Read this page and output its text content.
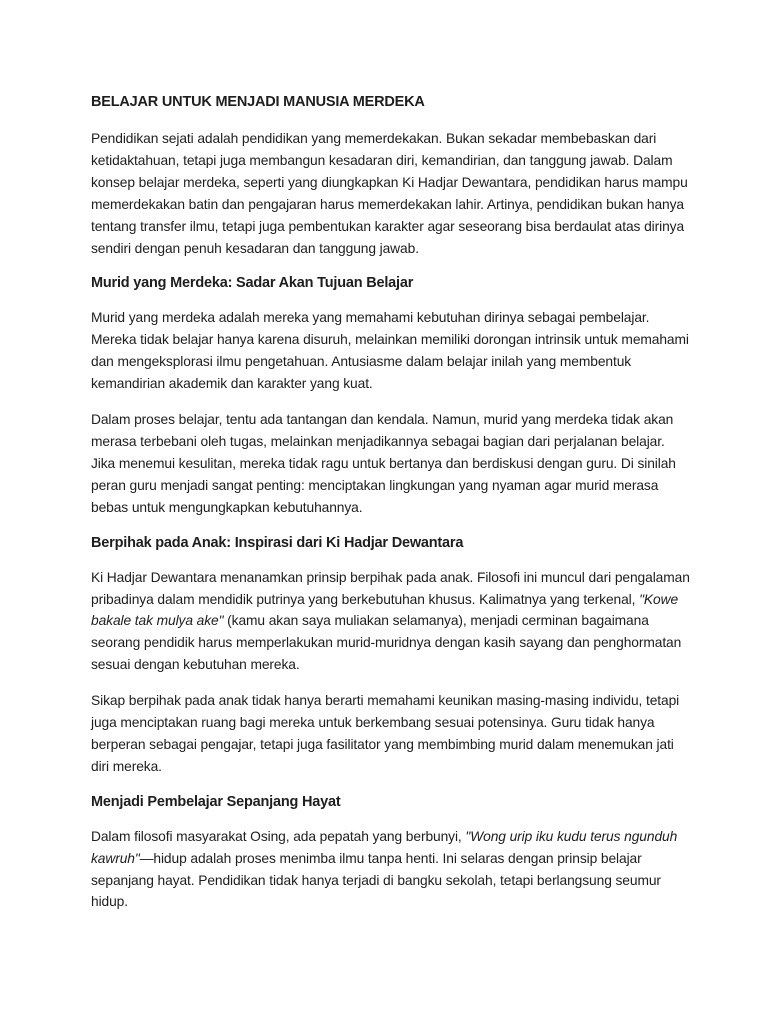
BELAJAR UNTUK MENJADI MANUSIA MERDEKA

Pendidikan sejati adalah pendidikan yang memerdekakan. Bukan sekadar membebaskan dari ketidaktahuan, tetapi juga membangun kesadaran diri, kemandirian, dan tanggung jawab. Dalam konsep belajar merdeka, seperti yang diungkapkan Ki Hadjar Dewantara, pendidikan harus mampu memerdekakan batin dan pengajaran harus memerdekakan lahir. Artinya, pendidikan bukan hanya tentang transfer ilmu, tetapi juga pembentukan karakter agar seseorang bisa berdaulat atas dirinya sendiri dengan penuh kesadaran dan tanggung jawab.

Murid yang Merdeka: Sadar Akan Tujuan Belajar

Murid yang merdeka adalah mereka yang memahami kebutuhan dirinya sebagai pembelajar. Mereka tidak belajar hanya karena disuruh, melainkan memiliki dorongan intrinsik untuk memahami dan mengeksplorasi ilmu pengetahuan. Antusiasme dalam belajar inilah yang membentuk kemandirian akademik dan karakter yang kuat.

Dalam proses belajar, tentu ada tantangan dan kendala. Namun, murid yang merdeka tidak akan merasa terbebani oleh tugas, melainkan menjadikannya sebagai bagian dari perjalanan belajar. Jika menemui kesulitan, mereka tidak ragu untuk bertanya dan berdiskusi dengan guru. Di sinilah peran guru menjadi sangat penting: menciptakan lingkungan yang nyaman agar murid merasa bebas untuk mengungkapkan kebutuhannya.

Berpihak pada Anak: Inspirasi dari Ki Hadjar Dewantara

Ki Hadjar Dewantara menanamkan prinsip berpihak pada anak. Filosofi ini muncul dari pengalaman pribadinya dalam mendidik putrinya yang berkebutuhan khusus. Kalimatnya yang terkenal, "Kowe bakale tak mulya ake" (kamu akan saya muliakan selamanya), menjadi cerminan bagaimana seorang pendidik harus memperlakukan murid-muridnya dengan kasih sayang dan penghormatan sesuai dengan kebutuhan mereka.

Sikap berpihak pada anak tidak hanya berarti memahami keunikan masing-masing individu, tetapi juga menciptakan ruang bagi mereka untuk berkembang sesuai potensinya. Guru tidak hanya berperan sebagai pengajar, tetapi juga fasilitator yang membimbing murid dalam menemukan jati diri mereka.

Menjadi Pembelajar Sepanjang Hayat

Dalam filosofi masyarakat Osing, ada pepatah yang berbunyi, "Wong urip iku kudu terus ngunduh kawruh"—hidup adalah proses menimba ilmu tanpa henti. Ini selaras dengan prinsip belajar sepanjang hayat. Pendidikan tidak hanya terjadi di bangku sekolah, tetapi berlangsung seumur hidup.
